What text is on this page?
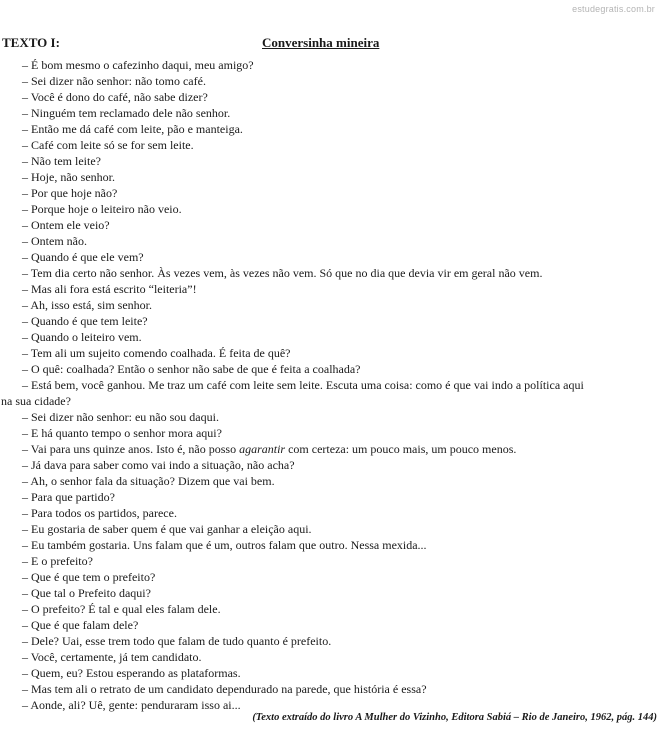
estudegratis.com.br
TEXTO I:	Conversinha mineira
– É bom mesmo o cafezinho daqui, meu amigo?
– Sei dizer não senhor: não tomo café.
– Você é dono do café, não sabe dizer?
– Ninguém tem reclamado dele não senhor.
– Então me dá café com leite, pão e manteiga.
– Café com leite só se for sem leite.
– Não tem leite?
– Hoje, não senhor.
– Por que hoje não?
– Porque hoje o leiteiro não veio.
– Ontem ele veio?
– Ontem não.
– Quando é que ele vem?
– Tem dia certo não senhor. Às vezes vem, às vezes não vem. Só que no dia que devia vir em geral não vem.
– Mas ali fora está escrito “leiteria”!
– Ah, isso está, sim senhor.
– Quando é que tem leite?
– Quando o leiteiro vem.
– Tem ali um sujeito comendo coalhada. É feita de quê?
– O quê: coalhada? Então o senhor não sabe de que é feita a coalhada?
– Está bem, você ganhou. Me traz um café com leite sem leite. Escuta uma coisa: como é que vai indo a política aqui
na sua cidade?
– Sei dizer não senhor: eu não sou daqui.
– E há quanto tempo o senhor mora aqui?
– Vai para uns quinze anos. Isto é, não posso agarantir com certeza: um pouco mais, um pouco menos.
– Já dava para saber como vai indo a situação, não acha?
– Ah, o senhor fala da situação? Dizem que vai bem.
– Para que partido?
– Para todos os partidos, parece.
– Eu gostaria de saber quem é que vai ganhar a eleição aqui.
– Eu também gostaria. Uns falam que é um, outros falam que outro. Nessa mexida...
– E o prefeito?
– Que é que tem o prefeito?
– Que tal o Prefeito daqui?
– O prefeito? É tal e qual eles falam dele.
– Que é que falam dele?
– Dele? Uai, esse trem todo que falam de tudo quanto é prefeito.
– Você, certamente, já tem candidato.
– Quem, eu? Estou esperando as plataformas.
– Mas tem ali o retrato de um candidato dependurado na parede, que história é essa?
– Aonde, ali? Uê, gente: penduraram isso ai...
(Texto extraído do livro A Mulher do Vizinho, Editora Sabiá – Rio de Janeiro, 1962, pág. 144)
